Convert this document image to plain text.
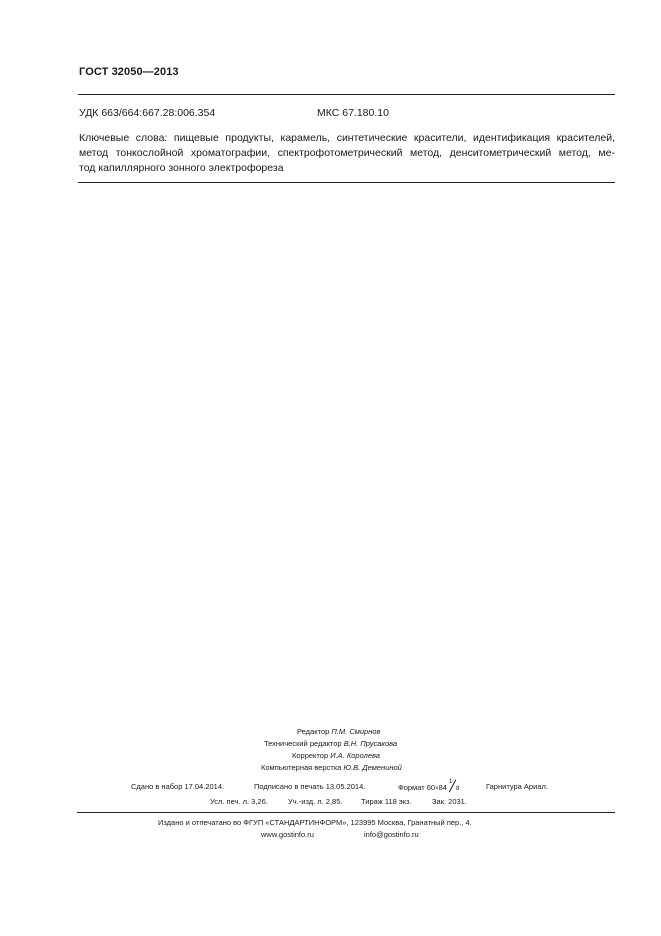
ГОСТ 32050—2013
УДК 663/664:667.28:006.354	МКС 67.180.10
Ключевые слова: пищевые продукты, карамель, синтетические красители, идентификация красителей,
метод тонкослойной хроматографии, спектрофотометрический метод, денситометрический метод, ме-
тод капиллярного зонного электрофореза
Редактор П.М. Смирнов
Технический редактор В.Н. Прусакова
Корректор И.А. Королева
Компьютерная верстка Ю.В. Демениной
Сдано в набор 17.04.2014.	Подписано в печать 13.05.2014.	Формат 60×84
1
8	Гарнитура Ариал.
Усл. печ. л. 3,26.	Уч.-изд. л. 2,85. Тираж 118 экз.	Зак. 2031.
Издано и отпечатано во ФГУП «СТАНДАРТИНФОРМ», 123995 Москва, Гранатный пер., 4.
www.gostinfo.ru	info@gostinfo.ru
